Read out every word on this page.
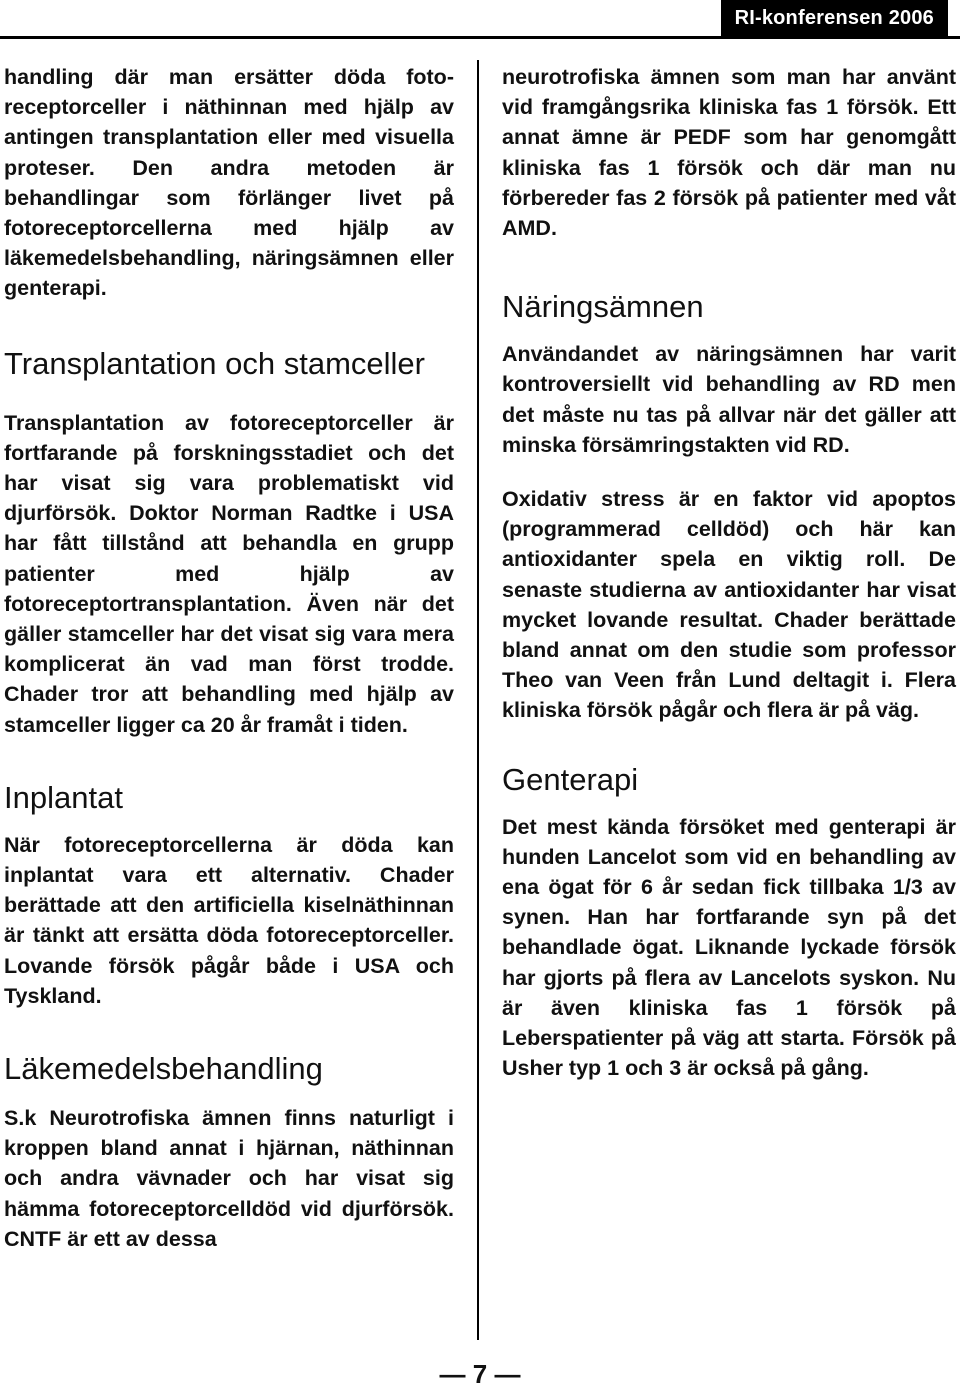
RI-konferensen 2006

handling där man ersätter döda fotoreceptorceller i näthinnan med hjälp av antingen transplantation eller med visuella proteser. Den andra metoden är behandlingar som förlänger livet på fotoreceptorcellerna med hjälp av läkemedelsbehandling, näringsämnen eller genterapi.

Transplantation och stamceller

Transplantation av fotoreceptorceller är fortfarande på forskningsstadiet och det har visat sig vara problematiskt vid djurförsök. Doktor Norman Radtke i USA har fått tillstånd att behandla en grupp patienter med hjälp av fotoreceptortransplantation. Även när det gäller stamceller har det visat sig vara mera komplicerat än vad man först trodde. Chader tror att behandling med hjälp av stamceller ligger ca 20 år framåt i tiden.

Inplantat

När fotoreceptorcellerna är döda kan inplantat vara ett alternativ. Chader berättade att den artificiella kiselnäthinnan är tänkt att ersätta döda fotoreceptorceller. Lovande försök pågår både i USA och Tyskland.

Läkemedelsbehandling

S.k Neurotrofiska ämnen finns naturligt i kroppen bland annat i hjärnan, näthinnan och andra vävnader och har visat sig hämma fotoreceptorcelldöd vid djurförsök. CNTF är ett av dessa

neurotrofiska ämnen som man har använt vid framgångsrika kliniska fas 1 försök. Ett annat ämne är PEDF som har genomgått kliniska fas 1 försök och där man nu förbereder fas 2 försök på patienter med våt AMD.

Näringsämnen

Användandet av näringsämnen har varit kontroversiellt vid behandling av RD men det måste nu tas på allvar när det gäller att minska försämringstakten vid RD.

Oxidativ stress är en faktor vid apoptos (programmerad celldöd) och här kan antioxidanter spela en viktig roll. De senaste studierna av antioxidanter har visat mycket lovande resultat. Chader berättade bland annat om den studie som professor Theo van Veen från Lund deltagit i. Flera kliniska försök pågår och flera är på väg.

Genterapi

Det mest kända försöket med genterapi är hunden Lancelot som vid en behandling av ena ögat för 6 år sedan fick tillbaka 1/3 av synen. Han har fortfarande syn på det behandlade ögat. Liknande lyckade försök har gjorts på flera av Lancelots syskon. Nu är även kliniska fas 1 försök på Leberspatienter på väg att starta. Försök på Usher typ 1 och 3 är också på gång.

— 7 —
